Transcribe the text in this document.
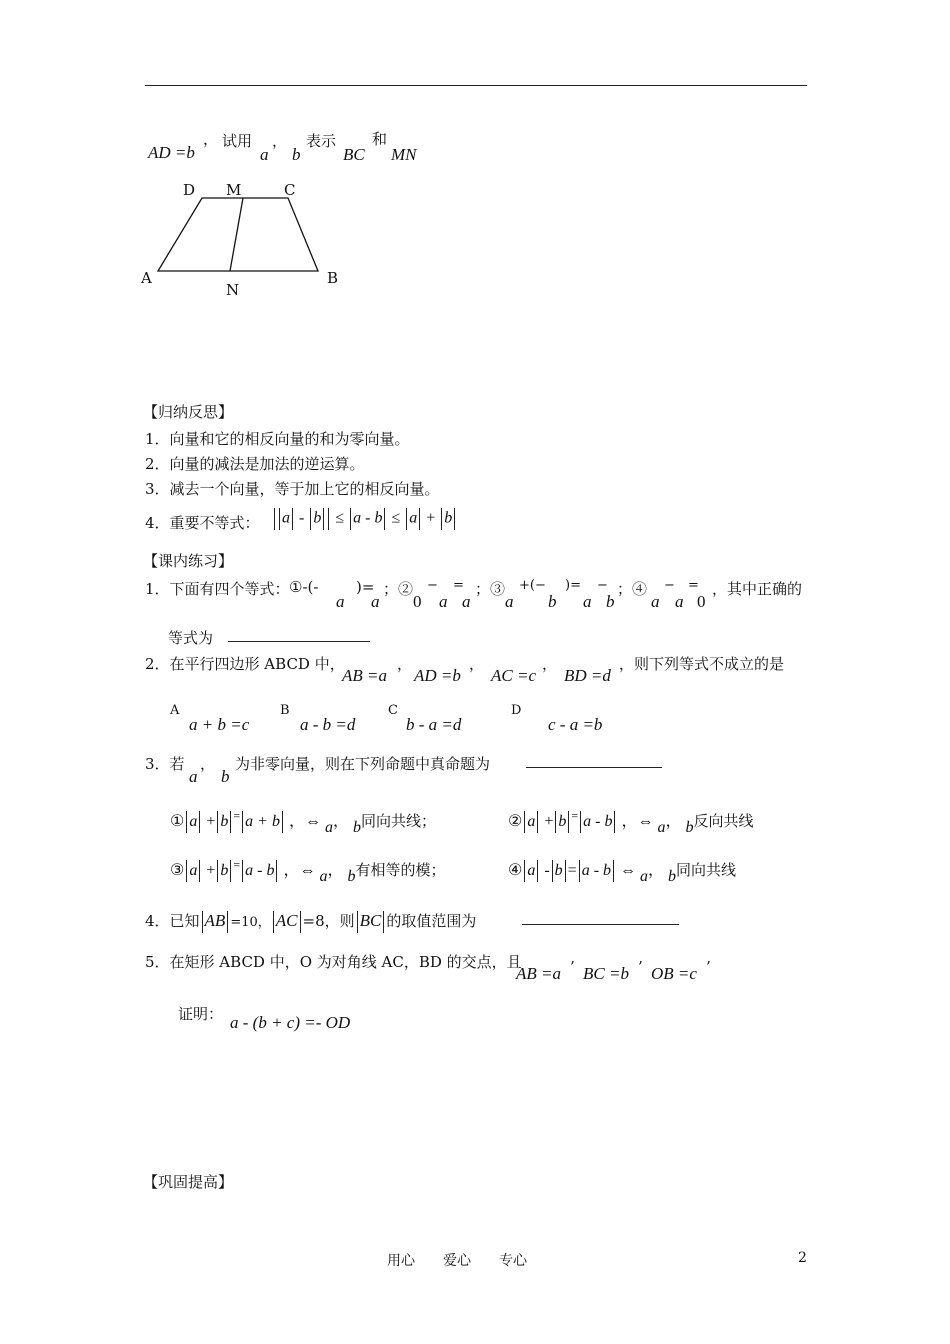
AD =b
， 试用
a
，
b
表示
BC
和
MN
D M	C
A
N
B
【归纳反思】
1．向量和它的相反向量的和为零向量。
2．向量的减法是加法的逆运算。
3．减去一个向量，等于加上它的相反向量。
4．重要不等式：	a - b ≤ a - b ≤ a + b
【课内练习】
1．下面有四个等式： ①-(-	)=
a a
；②
0
− =
a a
；③ +(− )= −
a b a b
；④ − =
a a 0
，其中正确的
等式为
2．在平行四边形 ABCD 中，
AB =a
，
AD =b
，
AC =c
，
BD =d
，则下列等式不成立的是
A
a + b =c
B
a - b =d
C
b - a =d
D
c - a =b
3．若
a
，
b
为非零向量，则在下列命题中真命题为
① a + b = a + b ，⇔ a， b同向共线；	② a + b = a - b ，⇔ a， b反向共线
③ a + b = a - b ，⇔ a， b有相等的模；	④ a - b = a - b ⇔ a， b同向共线
4．已知 AB =10， AC =8，则 BC 的取值范围为
5．在矩形 ABCD 中，O 为对角线 AC，BD 的交点，且
AB =a ’ BC =b ’ OB =c ’
证明： a - (b + c) =- OD
【巩固提高】
用心　　爱心　　专心	2
